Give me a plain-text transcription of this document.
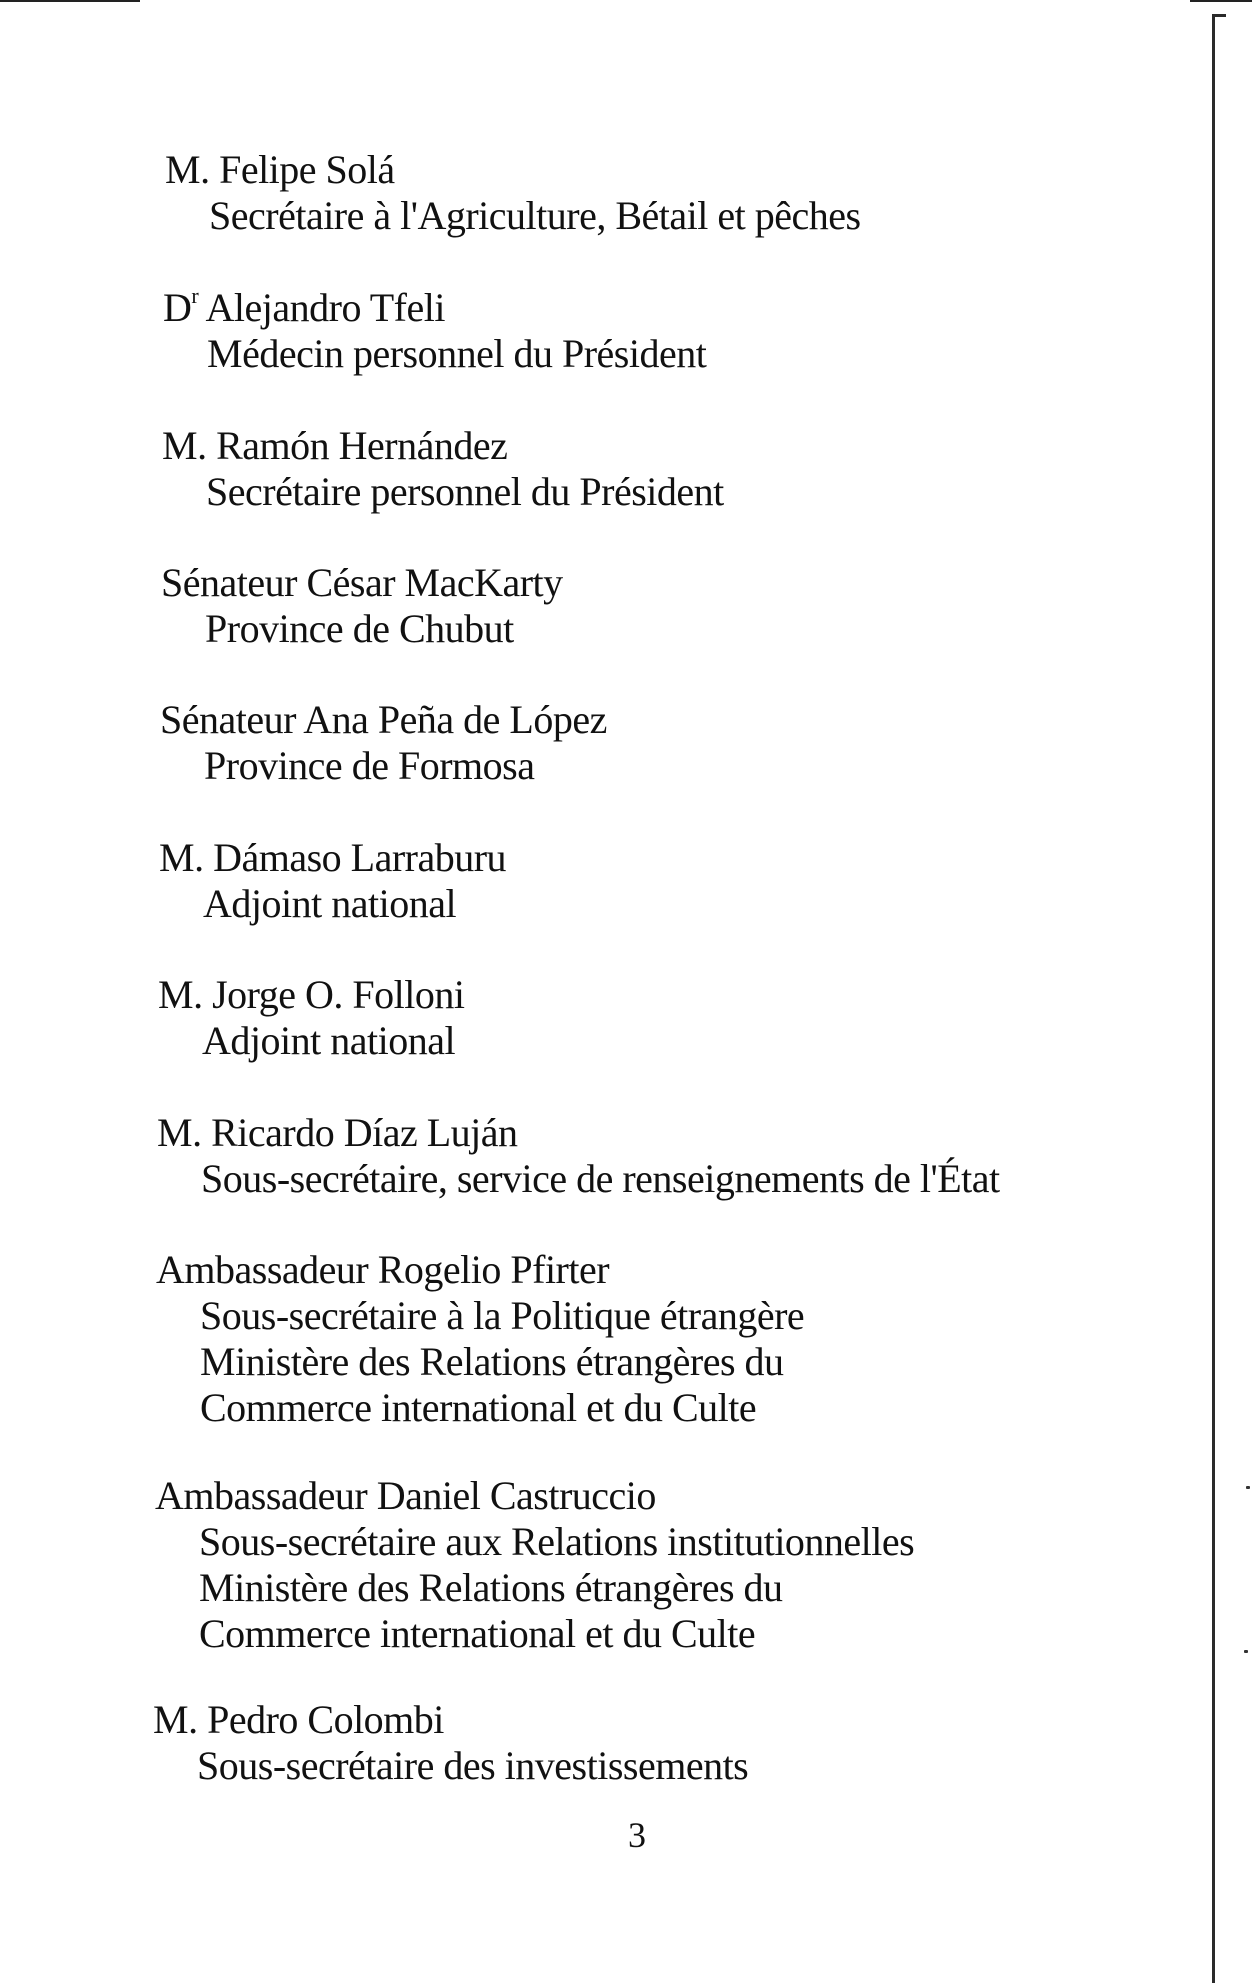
M. Felipe Solá
Secrétaire à l'Agriculture, Bétail et pêches
$D^r$ Alejandro Tfeli
Médecin personnel du Président
M. Ramón Hernández
Secrétaire personnel du Président
Sénateur César MacKarty
Province de Chubut
Sénateur Ana Peña de López
Province de Formosa
M. Dámaso Larraburu
Adjoint national
M. Jorge O. Folloni
Adjoint national
M. Ricardo Díaz Luján
Sous-secrétaire, service de renseignements de l'État
Ambassadeur Rogelio Pfirter
Sous-secrétaire à la Politique étrangère
Ministère des Relations étrangères du
Commerce international et du Culte
Ambassadeur Daniel Castruccio
Sous-secrétaire aux Relations institutionnelles
Ministère des Relations étrangères du
Commerce international et du Culte
M. Pedro Colombi
Sous-secrétaire des investissements
3
